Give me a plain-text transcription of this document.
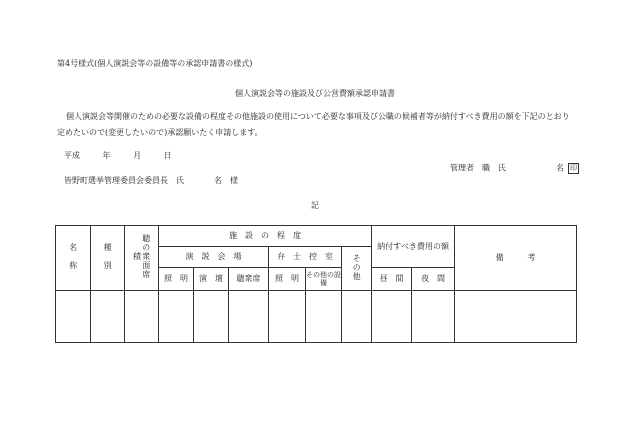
第4号様式(個人演説会等の設備等の承認申請書の様式)
個人演説会等の施設及び公営費額承認申請書
個人演説会等開催のための必要な設備の程度その他施設の使用について必要な事項及び公職の候補者等が納付すべき費用の額を下記のとおり定めたいので(変更したいので)承認願いたく申請します。
平成	年	月	日
管理者　職　氏	名 印
皆野町選挙管理委員会委員長　氏	名　様
記
名　称	種　別	聴の衆面席積	施　設　の　程　度						納付すべき費用の額		備　　　考
			演　説　会　場			弁　士　控　室		その他			
			照　明	演　壇	聴衆席	照　明	その他の設備		昼　間	夜　間	
